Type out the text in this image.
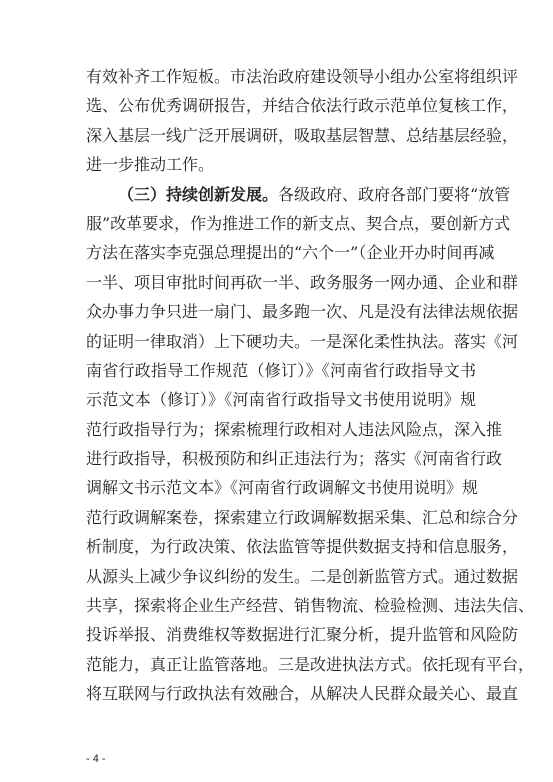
有效补齐工作短板。市法治政府建设领导小组办公室将组织评
选、公布优秀调研报告，并结合依法行政示范单位复核工作，
深入基层一线广泛开展调研，吸取基层智慧、总结基层经验，
进一步推动工作。
（三）持续创新发展。各级政府、政府各部门要将“放管
服”改革要求，作为推进工作的新支点、契合点，要创新方式
方法在落实李克强总理提出的“六个一”（企业开办时间再减
一半、项目审批时间再砍一半、政务服务一网办通、企业和群
众办事力争只进一扇门、最多跑一次、凡是没有法律法规依据
的证明一律取消）上下硬功夫。一是深化柔性执法。落实《河
南省行政指导工作规范（修订）》《河南省行政指导文书
示范文本（修订）》《河南省行政指导文书使用说明》规
范行政指导行为；探索梳理行政相对人违法风险点，深入推
进行政指导，积极预防和纠正违法行为；落实《河南省行政
调解文书示范文本》《河南省行政调解文书使用说明》规
范行政调解案卷，探索建立行政调解数据采集、汇总和综合分
析制度，为行政决策、依法监管等提供数据支持和信息服务，
从源头上减少争议纠纷的发生。二是创新监管方式。通过数据
共享，探索将企业生产经营、销售物流、检验检测、违法失信、
投诉举报、消费维权等数据进行汇聚分析，提升监管和风险防
范能力，真正让监管落地。三是改进执法方式。依托现有平台，
将互联网与行政执法有效融合，从解决人民群众最关心、最直
- 4 -
